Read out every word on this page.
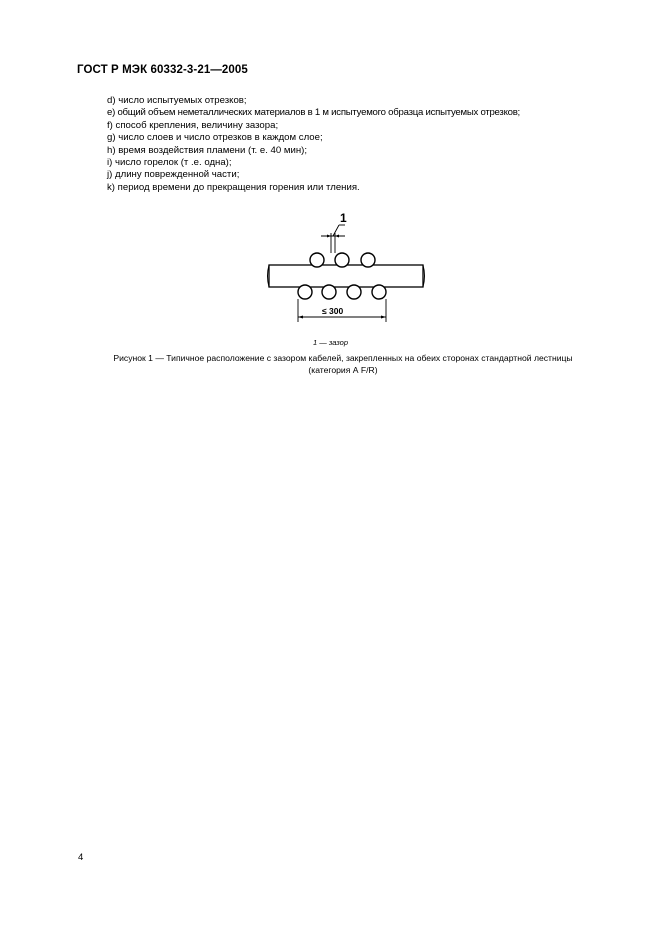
ГОСТ Р МЭК 60332-3-21—2005
d) число испытуемых отрезков;
e) общий объем неметаллических материалов в 1 м испытуемого образца испытуемых отрезков;
f) способ крепления, величину зазора;
g) число слоев и число отрезков в каждом слое;
h) время воздействия пламени (т. е. 40 мин);
i) число горелок (т .е. одна);
j) длину поврежденной части;
k) период времени до прекращения горения или тления.
1
≤ 300
1 — зазор
Рисунок 1 — Типичное расположение с зазором кабелей, закрепленных на обеих сторонах стандартной лестницы
(категория А F/R)
4
